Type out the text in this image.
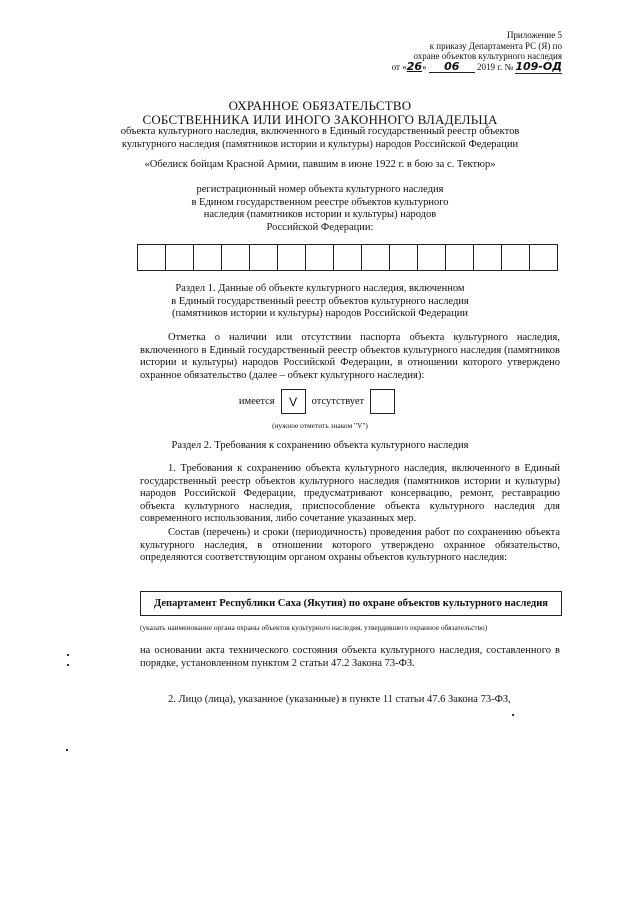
Приложение 5
к приказу Департамента РС (Я) по
охране объектов культурного наследия
от «26» 06 2019 г. № 109-ОД
ОХРАННОЕ ОБЯЗАТЕЛЬСТВО
СОБСТВЕННИКА ИЛИ ИНОГО ЗАКОННОГО ВЛАДЕЛЬЦА
объекта культурного наследия, включенного в Единый государственный реестр объектов
культурного наследия (памятников истории и культуры) народов Российской Федерации
«Обелиск бойцам Красной Армии, павшим в июне 1922 г. в бою за с. Тектюр»
регистрационный номер объекта культурного наследия
в Едином государственном реестре объектов культурного
наследия (памятников истории и культуры) народов
Российской Федерации:
Раздел 1. Данные об объекте культурного наследия, включенном
в Единый государственный реестр объектов культурного наследия
(памятников истории и культуры) народов Российской Федерации
Отметка о наличии или отсутствии паспорта объекта культурного наследия, включенного в Единый государственный реестр объектов культурного наследия (памятников истории и культуры) народов Российской Федерации, в отношении которого утверждено охранное обязательство (далее – объект культурного наследия):
имеется	V	отсутствует
(нужное отметить знаком "V")
Раздел 2. Требования к сохранению объекта культурного наследия
1. Требования к сохранению объекта культурного наследия, включенного в Единый государственный реестр объектов культурного наследия (памятников истории и культуры) народов Российской Федерации, предусматривают консервацию, ремонт, реставрацию объекта культурного наследия, приспособление объекта культурного наследия для современного использования, либо сочетание указанных мер.
Состав (перечень) и сроки (периодичность) проведения работ по сохранению объекта культурного наследия, в отношении которого утверждено охранное обязательство, определяются соответствующим органом охраны объектов культурного наследия:
Департамент Республики Саха (Якутия) по охране объектов культурного наследия
(указать наименование органа охраны объектов культурного наследия, утвердившего охранное обязательство)
на основании акта технического состояния объекта культурного наследия, составленного в порядке, установленном пунктом 2 статьи 47.2 Закона 73-ФЗ.
2. Лицо (лица), указанное (указанные) в пункте 11 статьи 47.6 Закона 73-ФЗ,
